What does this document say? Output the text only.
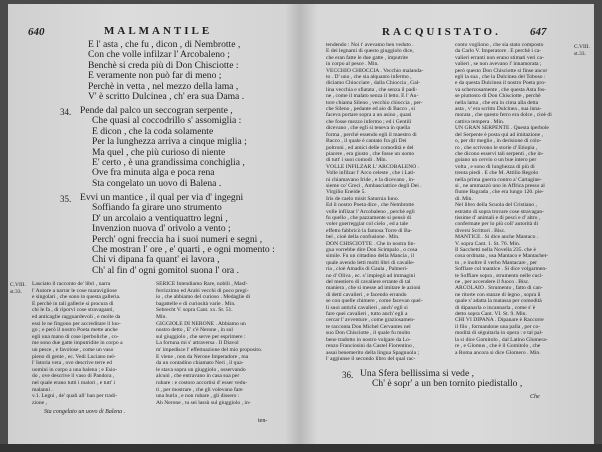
640	MALMANTILE
E l' asta , che fu , dicon , di Nembrotte ,
Con che volle infilzar l' Arcobaleno ;
Benchè si creda più di Don Chisciotte :
E veramente non può far di meno ;
Perchè in vetta , nel mezzo della lama ,
V' è scritto Dulcinea , ch' era sua Dama .
34. Pende dal palco un seccogran serpente ,
Che quasi al coccodrillo s' assomiglia :
E dicon , che la coda solamente
Per la lunghezza arriva a cinque miglia ;
Ma quel , che più curioso di niente
E' certo , è una grandissima conchiglia ,
Ove fra minuta alga e poca rena
Sta congelato un uovo di Balena .
35. Evvi un mantice , il qual per via d' ingegni
Soffiando fa girare uno strumento
D' un arcolaio a ventiquattro legni ,
Invenzion nuova d' orivolo a vento ;
Perch' ogni freccia ha i suoi numeri e segni ,
Che mostran l' ore , e' quarti , e ogni momento :
Chi vi dipana fa quant' ei lavora ,
Ch' al fin d' ogni gomitol suona l' ora .
C.VIII. st.33.
Lasciato il racconto de' libri , narra
l' Autore a narrar le cose maravigliose
e singolari , che sono in questa galleria.
E perchè in tali gallerie si procura di
chi le fa , di riporvi cose stravaganti,
ed anticaglie ragguardevoli , e molte da
essi le ne fingono per accreditare il luo-
go ; e però il nostro Poeta mette anche
egli una mano di cose iperboliche , co-
me sono due gatte imputridite in corpo a
un pesce , e favolose , come un vaso
pieno di gente , ec. Vedi Luciano nel-
l' Istoria vera , ove descrive terre ed
uomini in corpo a una balena ; e Esio-
do , ove descrive il vaso di Pandora ,
nel quale erano tutti i malori , e tutt' i
malanni .
v.1. Legni , de' quali all' han per tradi-
zione ,
SERICE Intendiamo Rare, nobili , Masf-
ferrizzimo ed Arabi vecchi di poco pregi-
io , che abbiamo del curioso . Medaglie di
bagattelle e di curiosità varie . Min.
Sebrecht V. sopra Cant. xx. St. 51.
Min.
GIGGIOLE DI NERONE . Abbiamo un
nostro detto , E' c'è Nerone , in sul
sul giuggiolo , che serve per esprimere :
La fortuna mi s' attraversa . Il Diavol
m' impedisce l' effettuazione del mio proposito.
E viene , non da Nerone Imperadore , ma
da un contadino chiamato Neri , il qua-
le stava sopra un giuggiolo , osservando
alcuni , che entravano in casa sua per
rubare : e costoro accortisi d' esser vedu-
ti , per mostrare , che gli volevano fare
una burla , e non rubare , gli dissero :
Ah Nerone , tu sei lassù sul giuggiolo , in-
Sta congelato un uovo di Balena .
ten-
RACQUISTATO.	647
tendendo : Noi t' avevamo ben veduto .
E dei legnami di questo giuggiolo dice,
che eran fatte le due gatte , imputrite
in corpo al pesce . Min.
VECCHIO CHIOCCIA . Vecchio malanda-
to . D' uno , che sia alquanto infermo ,
diciamo Chiocciare , dalla Chioccia , Gal-
lina vecchia e sfiatata , che senza il padi-
ne , come il malato senza il letto. E l' Au-
tore chiama Sileno , vecchio chioccia , per-
che Sileno , pedante ed aio di Bacco , si
faceva portare sopra a un asino , quasi
che fosse mezzo infermo ; ed i Gentili
dicevano , che egli si teneva in quella
forma , perchè essendo egli il maestro di
Bacco , il quale è cantato fra gli Dei
poltroni , ed amici delle comodità e del
piacere , era giusto , che fosse un uomo
di tutt' i suoi comodi . Min.
VOLLE INFILZAR L' ARCOBALENO .
Volle infilzar l' Arco celeste , che i Lati-
ni chiamavano Iride , e la dicevano , in-
sieme co' Greci , Ambasciatrice degli Dei .
Virgilio Eneide 5.
Iris de caelo misit Saturnia Iuno.
Ed il nostro Poeta dice , che Nembrotte
volle infilzar l' Arcobaleno , perchè egli
fu quello , che pazzamente si pensò di
voler guerreggiar col cielo , ed a tale
effetto fabbricò la famosa Torre di Ba-
bel , cioè della confusione . Min.
DON CHISCIOTTE . Che in nostra lin-
gua vorrebbe dire Don Scimpalo , o cosa
simile. Fu un cittadino della Mancia , il
quale avendo letti molti libri di cavalle-
ria , cioè Amadis di Gaula , Palmeri-
no d' Oliva , ec. s' impiegò ad immagini
del mestiero di cavaliere errante di tal
maniera , che si messe ad imitare le azioni
di detti cavalieri , e facendo errando
se con quelle chimere , come facevan quel-
li suoi antichi cavalieri , anch' egli si
fare quei cavalieri , tutto anch' egli a
cercar l' avventure , come graziosamen-
te racconta Don Michel Cervantes nel
suo Don Chisciotte , il quale fu molto
bene tradotto in nostro volgare da Lo-
renzo Franciosini da Castel Fiorentino ,
assai benemerito della lingua Spagnuola ;
l' aggiunse il secondo libro del qual rac-
conto vogliono , che sia stato composto
da Carlo V. Imperatore . E perchè i ca-
valieri erranti non erano stimati veri ca-
valieri , se non avevano l' innamorata ;
però questo Don Chisciotte si finse ancor
egli la sua , che la Dulcinea del Toboso :
e da questa Dulcinea il nostro Poeta pro-
va scherzosamente , che questa Asta fos-
se piuttosto di Don Chisciotte , perchè
nella lama , che era in cima alla detta
asta , v' era scritto Dulcinea , sua inna-
morata , che questo ferro era dolce , cioè di
cattiva tempera . Min.
UN GRAN SERPENTE . Questa iperbole
del Serpente è posta qui ad imitazione ,
o, per dir meglio , in derisione di colo-
ro , che scrivono le storie d' Etiopia ,
che dicono esservi tali serpenti , che in-
goiano un cervio o un bue intero per
volta , e sono di lunghezza di più di
trenta piedi . E che M. Attilio Regolo
nella prima guerra contro a' Cartagine-
si , ne ammazzò uno in Affrica presso al
fiume Bagrada , che era lungo 120. pie-
di. Min.
Nel libro della Scuola del Cristiano ,
estratto di sopra trovare cose stravagan-
tissime d' animali e di pesci e d' altro ,
confermate per lo più coll' autorità di
diversi Scrittori . Bisc.
MANTICE . Si dice anche Mantaco .
V. sopra Cant. 1. St. 76. Min.
Il Sacchetti nella Novella 235. che è
cosa ordinata , usa Mantaco e Mantachet-
to , e inoltre il verbo Mantacare , per
Soffiare col mantice . Si dice volgarmen-
te Soffiare sopra , strumento nelle cuci-
ne , per accendere il fuoco . Bisc.
ARCOLAIO . Strumento , fatto di can-
ne ritorte con stanze di legno , sopra il
quale s' adatta la matassa per comodità
di dipanarla o incannarla , come s' è
detto sopra Cant. VI. St. 9. Min.
CHI VI DIPANA . Dipanare è Raccorre
il filo , formandone una palla , per co-
modità di sèguitarla in opera : e tal pal-
la si dice Gomitolo , dal Latino Glomera-
re , e Glomus , che è il Gomitolo , che
a Roma ancora si dice Glomero . Min.
C.VIII. st.33.
36. Una Sfera bellissima si vede ,
Ch' è sopr' a un ben tornito piedistallo ,
Che
